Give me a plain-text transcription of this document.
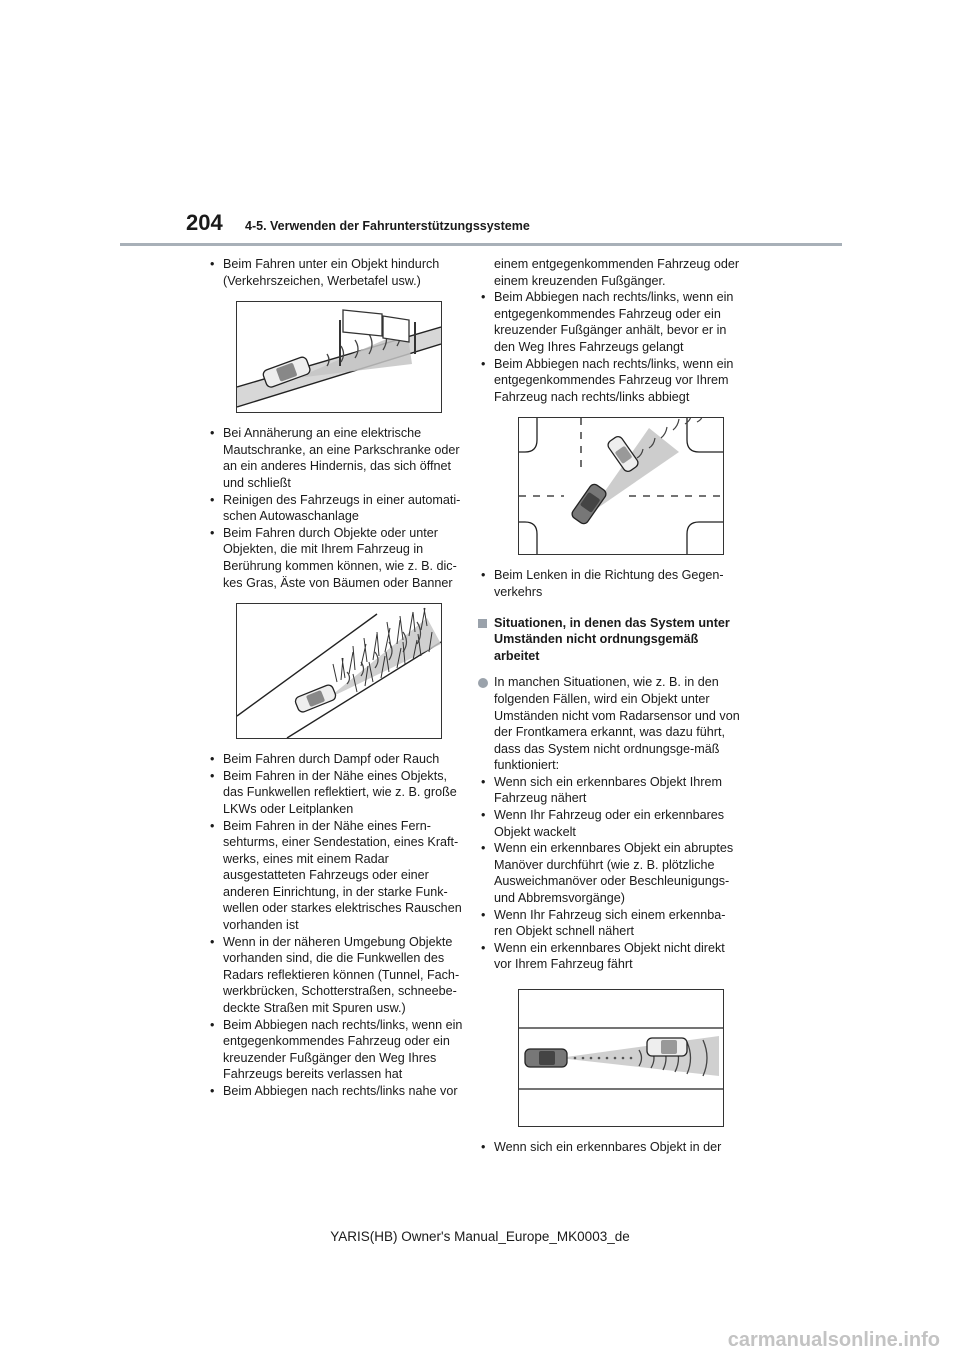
204 4-5. Verwenden der Fahrunterstützungssysteme
• Beim Fahren unter ein Objekt hindurch (Verkehrszeichen, Werbetafel usw.)
• Bei Annäherung an eine elektrische Mautschranke, an eine Parkschranke oder an ein anderes Hindernis, das sich öffnet und schließt
• Reinigen des Fahrzeugs in einer automati-schen Autowaschanlage
• Beim Fahren durch Objekte oder unter Objekten, die mit Ihrem Fahrzeug in Berührung kommen können, wie z. B. dic-kes Gras, Äste von Bäumen oder Banner
• Beim Fahren durch Dampf oder Rauch
• Beim Fahren in der Nähe eines Objekts, das Funkwellen reflektiert, wie z. B. große LKWs oder Leitplanken
• Beim Fahren in der Nähe eines Fern-sehturms, einer Sendestation, eines Kraft-werks, eines mit einem Radar ausgestatteten Fahrzeugs oder einer anderen Einrichtung, in der starke Funk-wellen oder starkes elektrisches Rauschen vorhanden ist
• Wenn in der näheren Umgebung Objekte vorhanden sind, die die Funkwellen des Radars reflektieren können (Tunnel, Fach-werkbrücken, Schotterstraßen, schneebe-deckte Straßen mit Spuren usw.)
• Beim Abbiegen nach rechts/links, wenn ein entgegenkommendes Fahrzeug oder ein kreuzender Fußgänger den Weg Ihres Fahrzeugs bereits verlassen hat
• Beim Abbiegen nach rechts/links nahe vor

einem entgegenkommenden Fahrzeug oder einem kreuzenden Fußgänger.

• Beim Abbiegen nach rechts/links, wenn ein entgegenkommendes Fahrzeug oder ein kreuzender Fußgänger anhält, bevor er in den Weg Ihres Fahrzeugs gelangt
• Beim Abbiegen nach rechts/links, wenn ein entgegenkommendes Fahrzeug vor Ihrem Fahrzeug nach rechts/links abbiegt
• Beim Lenken in die Richtung des Gegen-verkehrs
Situationen, in denen das System unter Umständen nicht ordnungsgemäß arbeitet

In manchen Situationen, wie z. B. in den folgenden Fällen, wird ein Objekt unter Umständen nicht vom Radarsensor und von der Frontkamera erkannt, was dazu führt, dass das System nicht ordnungsge-mäß funktioniert:

• Wenn sich ein erkennbares Objekt Ihrem Fahrzeug nähert
• Wenn Ihr Fahrzeug oder ein erkennbares Objekt wackelt
• Wenn ein erkennbares Objekt ein abruptes Manöver durchführt (wie z. B. plötzliche Ausweichmanöver oder Beschleunigungs- und Abbremsvorgänge)
• Wenn Ihr Fahrzeug sich einem erkennba-ren Objekt schnell nähert
• Wenn ein erkennbares Objekt nicht direkt vor Ihrem Fahrzeug fährt
• Wenn sich ein erkennbares Objekt in der
YARIS(HB) Owner's Manual_Europe_MK0003_de
carmanualsonline.info
